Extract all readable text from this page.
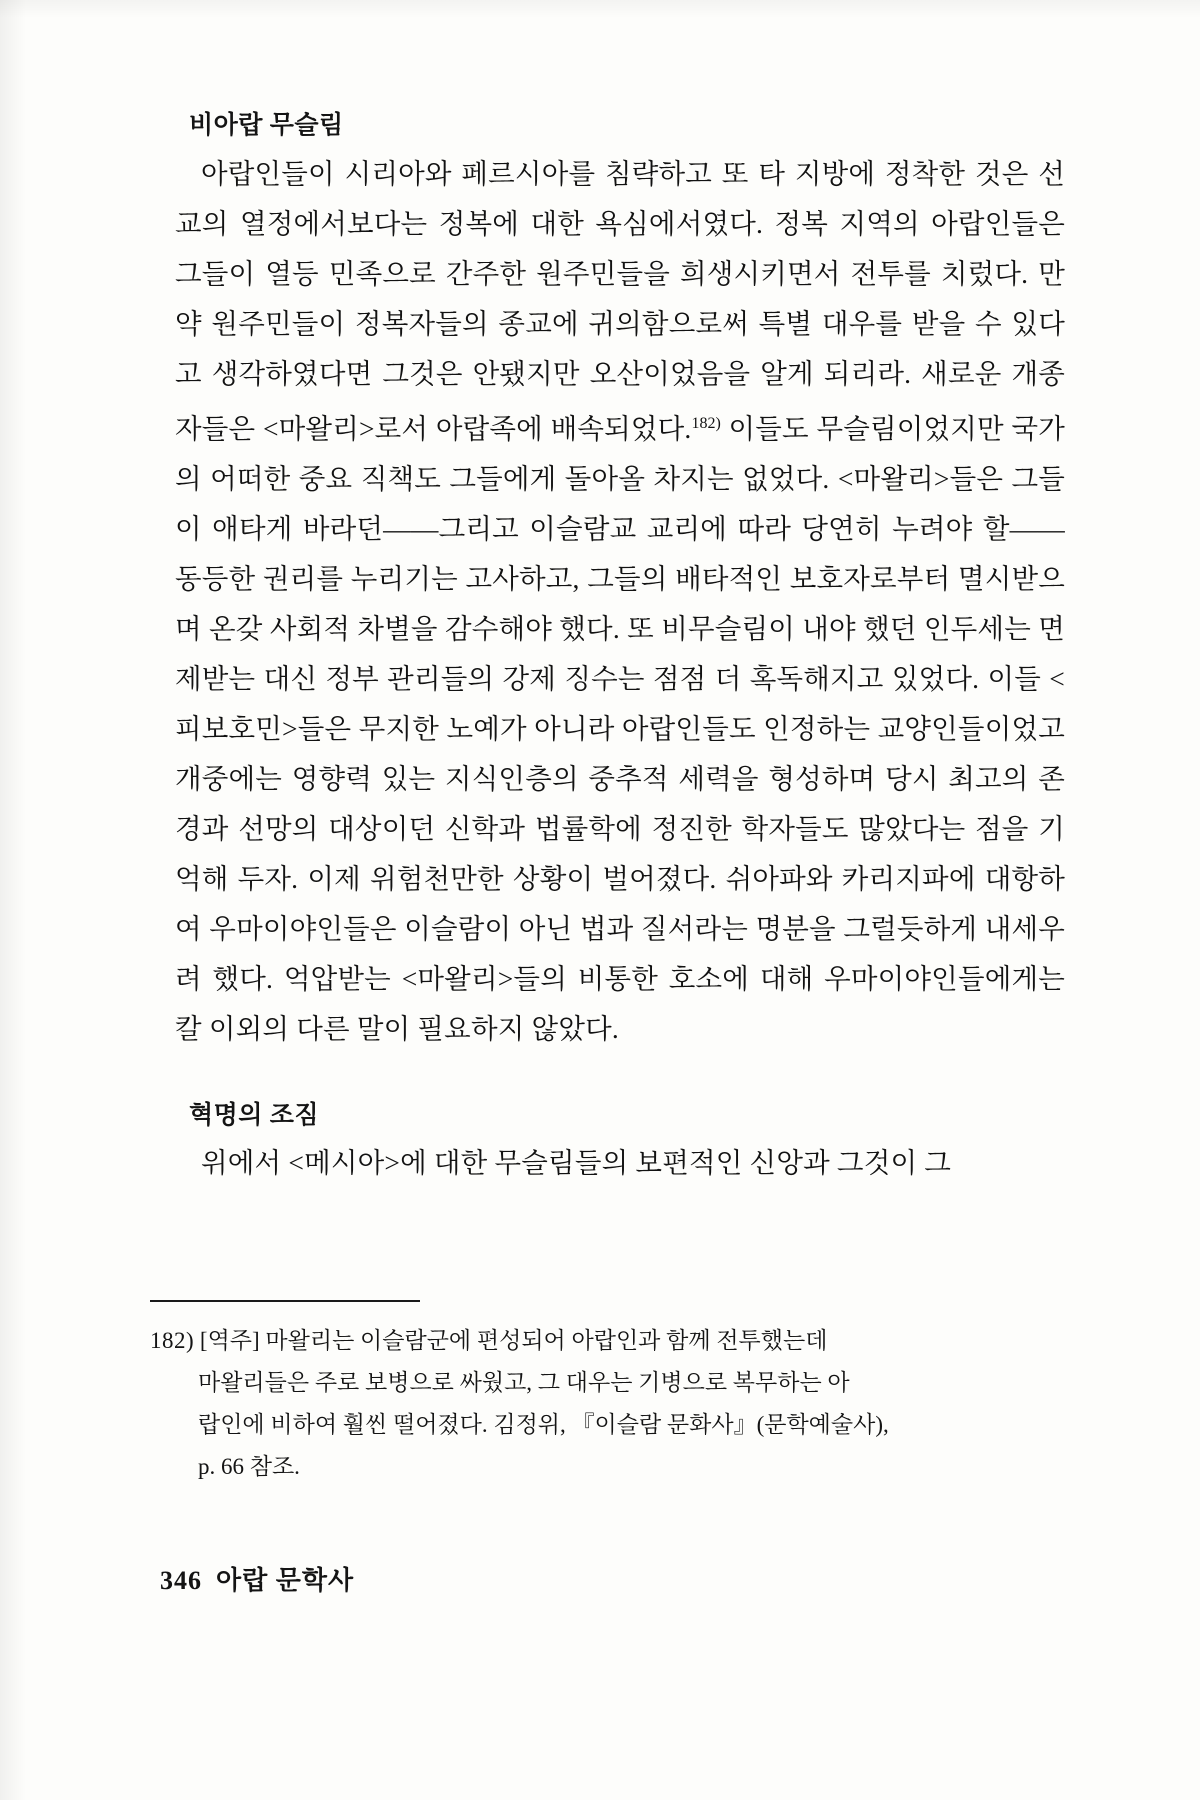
비아랍 무슬림

아랍인들이 시리아와 페르시아를 침략하고 또 타 지방에 정착한 것은 선교의 열정에서보다는 정복에 대한 욕심에서였다. 정복 지역의 아랍인들은 그들이 열등 민족으로 간주한 원주민들을 희생시키면서 전투를 치렀다. 만약 원주민들이 정복자들의 종교에 귀의함으로써 특별 대우를 받을 수 있다고 생각하였다면 그것은 안됐지만 오산이었음을 알게 되리라. 새로운 개종자들은 <마왈리>로서 아랍족에 배속되었다.$^{182)}$ 이들도 무슬림이었지만 국가의 어떠한 중요 직책도 그들에게 돌아올 차지는 없었다. <마왈리>들은 그들이 애타게 바라던——그리고 이슬람교 교리에 따라 당연히 누려야 할—— 동등한 권리를 누리기는 고사하고, 그들의 배타적인 보호자로부터 멸시받으며 온갖 사회적 차별을 감수해야 했다. 또 비무슬림이 내야 했던 인두세는 면제받는 대신 정부 관리들의 강제 징수는 점점 더 혹독해지고 있었다. 이들 <피보호민>들은 무지한 노예가 아니라 아랍인들도 인정하는 교양인들이었고 개중에는 영향력 있는 지식인층의 중추적 세력을 형성하며 당시 최고의 존경과 선망의 대상이던 신학과 법률학에 정진한 학자들도 많았다는 점을 기억해 두자. 이제 위험천만한 상황이 벌어졌다. 쉬아파와 카리지파에 대항하여 우마이야인들은 이슬람이 아닌 법과 질서라는 명분을 그럴듯하게 내세우려 했다. 억압받는 <마왈리>들의 비통한 호소에 대해 우마이야인들에게는 칼 이외의 다른 말이 필요하지 않았다.

혁명의 조짐

위에서 <메시아>에 대한 무슬림들의 보편적인 신앙과 그것이 그

182) [역주] 마왈리는 이슬람군에 편성되어 아랍인과 함께 전투했는데
마왈리들은 주로 보병으로 싸웠고, 그 대우는 기병으로 복무하는 아
랍인에 비하여 훨씬 떨어졌다. 김정위, 『이슬람 문화사』(문학예술사),
p. 66 참조.
346 아랍 문학사
